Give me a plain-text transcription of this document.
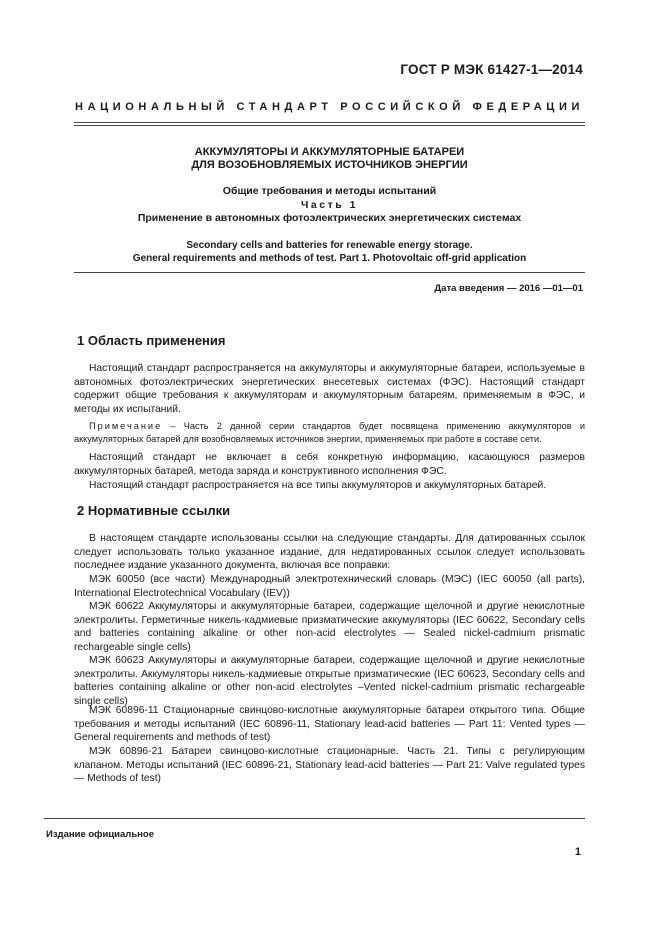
ГОСТ Р МЭК 61427-1—2014
НАЦИОНАЛЬНЫЙ СТАНДАРТ РОССИЙСКОЙ ФЕДЕРАЦИИ
АККУМУЛЯТОРЫ И АККУМУЛЯТОРНЫЕ БАТАРЕИ
ДЛЯ ВОЗОБНОВЛЯЕМЫХ ИСТОЧНИКОВ ЭНЕРГИИ
Общие требования и методы испытаний
Часть 1
Применение в автономных фотоэлектрических энергетических системах
Secondary cells and batteries for renewable energy storage.
General requirements and methods of test. Part 1. Photovoltaic off-grid application
Дата введения — 2016 —01—01
1 Область применения

Настоящий стандарт распространяется на аккумуляторы и аккумуляторные батареи, используемые в автономных фотоэлектрических энергетических внесетевых системах (ФЭС). Настоящий стандарт содержит общие требования к аккумуляторам и аккумуляторным батареям, применяемым в ФЭС, и методы их испытаний.

Примечание – Часть 2 данной серии стандартов будет посвящена применению аккумуляторов и аккумуляторных батарей для возобновляемых источников энергии, применяемых при работе в составе сети.

Настоящий стандарт не включает в себя конкретную информацию, касающуюся размеров аккумуляторных батарей, метода заряда и конструктивного исполнения ФЭС.

Настоящий стандарт распространяется на все типы аккумуляторов и аккумуляторных батарей.

2 Нормативные ссылки

В настоящем стандарте использованы ссылки на следующие стандарты. Для датированных ссылок следует использовать только указанное издание, для недатированных ссылок следует использовать последнее издание указанного документа, включая все поправки:

МЭК 60050 (все части) Международный электротехнический словарь (МЭС) (IEC 60050 (all parts), International Electrotechnical Vocabulary (IEV))

МЭК 60622 Аккумуляторы и аккумуляторные батареи, содержащие щелочной и другие некислотные электролиты. Герметичные никель-кадмиевые призматические аккумуляторы (IEC 60622, Secondary cells and batteries containing alkaline or other non-acid electrolytes — Sealed nickel-cadmium prismatic rechargeable single cells)

МЭК 60623 Аккумуляторы и аккумуляторные батареи, содержащие щелочной и другие некислотные электролиты. Аккумуляторы никель-кадмиевые открытые призматические (IEC 60623, Secondary cells and batteries containing alkaline or other non-acid electrolytes –Vented nickel-cadmium prismatic rechargeable single cells)

МЭК 60896-11 Стационарные свинцово-кислотные аккумуляторные батареи открытого типа. Общие требования и методы испытаний (IEC 60896-11, Stationary lead-acid batteries — Part 11: Vented types — General requirements and methods of test)

МЭК 60896-21 Батареи свинцово-кислотные стационарные. Часть 21. Типы с регулирующим клапаном. Методы испытаний (IEC 60896-21, Stationary lead-acid batteries — Part 21: Valve regulated types — Methods of test)

Издание официальное
1
